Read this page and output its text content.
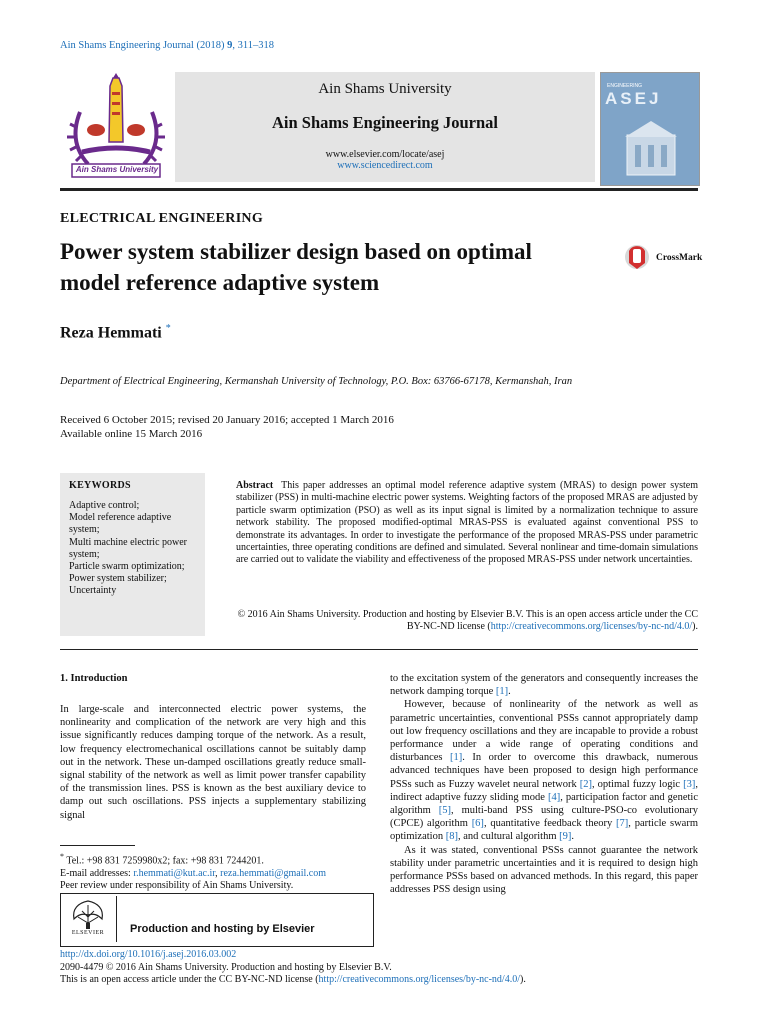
Ain Shams Engineering Journal (2018) 9, 311–318
Ain Shams University
Ain Shams University
Ain Shams Engineering Journal
www.elsevier.com/locate/asej
www.sciencedirect.com
ENGINEERING
ASEJ
ELECTRICAL ENGINEERING
Power system stabilizer design based on optimal
model reference adaptive system
CrossMark
Reza Hemmati *
Department of Electrical Engineering, Kermanshah University of Technology, P.O. Box: 63766-67178, Kermanshah, Iran
Received 6 October 2015; revised 20 January 2016; accepted 1 March 2016
Available online 15 March 2016
KEYWORDS
Adaptive control;
Model reference adaptive system;
Multi machine electric power system;
Particle swarm optimization;
Power system stabilizer;
Uncertainty
Abstract This paper addresses an optimal model reference adaptive system (MRAS) to design power system stabilizer (PSS) in multi-machine electric power systems. Weighting factors of the proposed MRAS are adjusted by particle swarm optimization (PSO) as well as its input signal is limited by a normalization technique to assure network stability. The proposed modified-optimal MRAS-PSS is evaluated against conventional PSS to demonstrate its advantages. In order to investigate the performance of the proposed MRAS-PSS under parametric uncertainties, three operating conditions are defined and simulated. Several nonlinear and time-domain simulations are carried out to validate the viability and effectiveness of the proposed MRAS-PSS under network uncertainties.
© 2016 Ain Shams University. Production and hosting by Elsevier B.V. This is an open access article under the CC BY-NC-ND license (http://creativecommons.org/licenses/by-nc-nd/4.0/).
1. Introduction
In large-scale and interconnected electric power systems, the nonlinearity and complication of the network are very high and this issue significantly reduces damping torque of the network. As a result, low frequency electromechanical oscillations cannot be suitably damp out in the network. These un-damped oscillations greatly reduce small-signal stability of the network as well as limit power transfer capability of the transmission lines. PSS is known as the best auxiliary device to damp out such oscillations. PSS injects a supplementary stabilizing signal

to the excitation system of the generators and consequently increases the network damping torque [1].

However, because of nonlinearity of the network as well as parametric uncertainties, conventional PSSs cannot appropriately damp out low frequency oscillations and they are incapable to provide a robust performance under a wide range of operating conditions and disturbances [1]. In order to overcome this drawback, numerous advanced techniques have been proposed to design high performance PSSs such as Fuzzy wavelet neural network [2], optimal fuzzy logic [3], indirect adaptive fuzzy sliding mode [4], participation factor and genetic algorithm [5], multi-band PSS using culture-PSO-co evolutionary (CPCE) algorithm [6], quantitative feedback theory [7], particle swarm optimization [8], and cultural algorithm [9].

As it was stated, conventional PSSs cannot guarantee the network stability under parametric uncertainties and it is required to design high performance PSSs based on advanced methods. In this regard, this paper addresses PSS design using

* Tel.: +98 831 7259980x2; fax: +98 831 7244201.
E-mail addresses: r.hemmati@kut.ac.ir, reza.hemmati@gmail.com
Peer review under responsibility of Ain Shams University.
ELSEVIER	Production and hosting by Elsevier
http://dx.doi.org/10.1016/j.asej.2016.03.002
2090-4479 © 2016 Ain Shams University. Production and hosting by Elsevier B.V.
This is an open access article under the CC BY-NC-ND license (http://creativecommons.org/licenses/by-nc-nd/4.0/).
